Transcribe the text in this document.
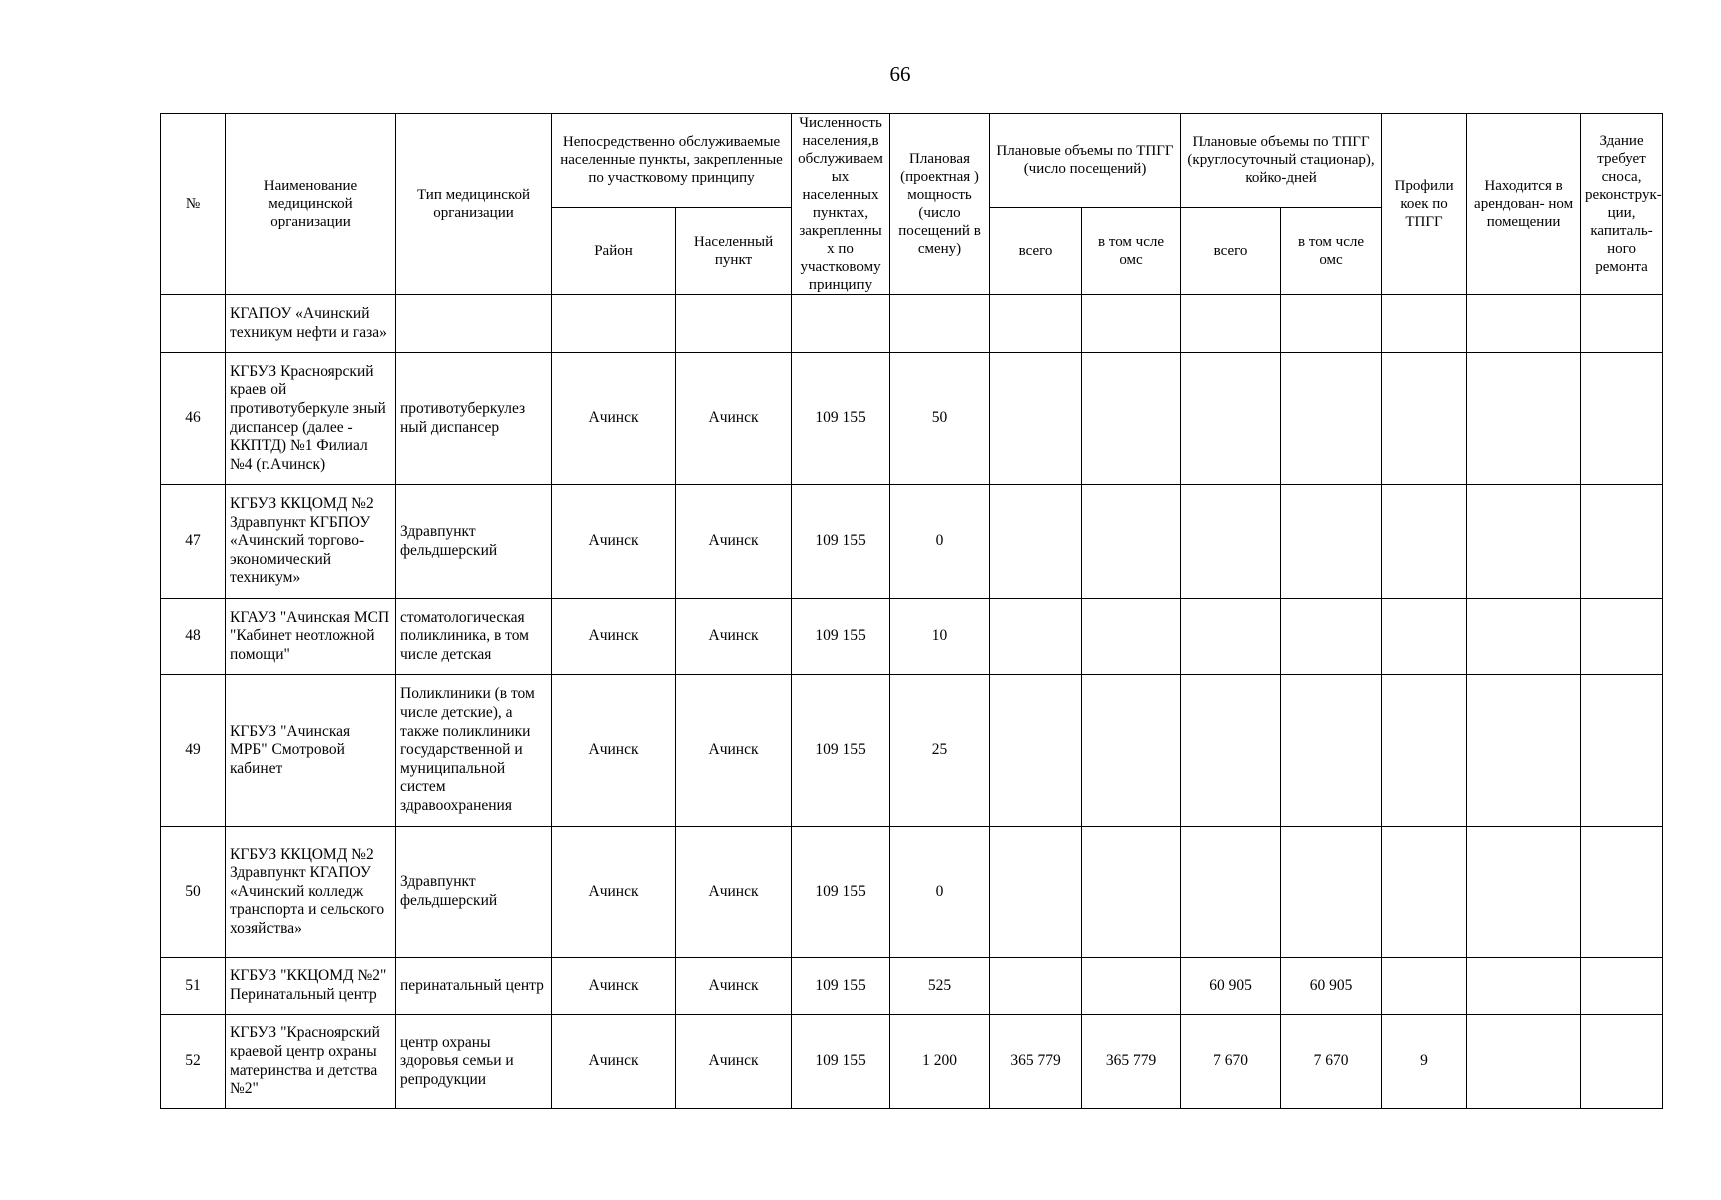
66
№	Наименование медицинской организации	Тип медицинской организации	Непосредственно обслуживаемые населенные пункты, закрепленные по участковому принципу		Численность населения,в обслуживаем ых населенных пунктах, закрепленны х по участковому принципу	Плановая (проектная ) мощность (число посещений в смену)	Плановые объемы по ТПГГ (число посещений)		Плановые объемы по ТПГГ (круглосуточный стационар), койко-дней		Профили коек по ТПГГ	Находится в арендован- ном помещении	Здание требует сноса, реконструк- ции, капиталь- ного ремонта
			Район	Населенный пункт			всего	в том чсле омс	всего	в том чсле омс			
	КГАПОУ «Ачинский техникум нефти и газа»												
46	КГБУЗ Красноярский краев ой противотуберкуле зный диспансер (далее - ККПТД) №1 Филиал №4 (г.Ачинск)	противотуберкулез ный диспансер	Ачинск	Ачинск	109 155	50							
47	КГБУЗ ККЦОМД №2 Здравпункт КГБПОУ «Ачинский торгово- экономический техникум»	Здравпункт фельдшерский	Ачинск	Ачинск	109 155	0							
48	КГАУЗ "Ачинская МСП "Кабинет неотложной помощи"	стоматологическая поликлиника, в том числе детская	Ачинск	Ачинск	109 155	10							
49	КГБУЗ "Ачинская МРБ" Смотровой кабинет	Поликлиники (в том числе детские), а также поликлиники государственной и муниципальной систем здравоохранения	Ачинск	Ачинск	109 155	25							
50	КГБУЗ ККЦОМД №2 Здравпункт КГАПОУ «Ачинский колледж транспорта и сельского хозяйства»	Здравпункт фельдшерский	Ачинск	Ачинск	109 155	0							
51	КГБУЗ "ККЦОМД №2" Перинатальный центр	перинатальный центр	Ачинск	Ачинск	109 155	525			60 905	60 905			
52	КГБУЗ "Красноярский краевой центр охраны материнства и детства №2"	центр охраны здоровья семьи и репродукции	Ачинск	Ачинск	109 155	1 200	365 779	365 779	7 670	7 670	9		
